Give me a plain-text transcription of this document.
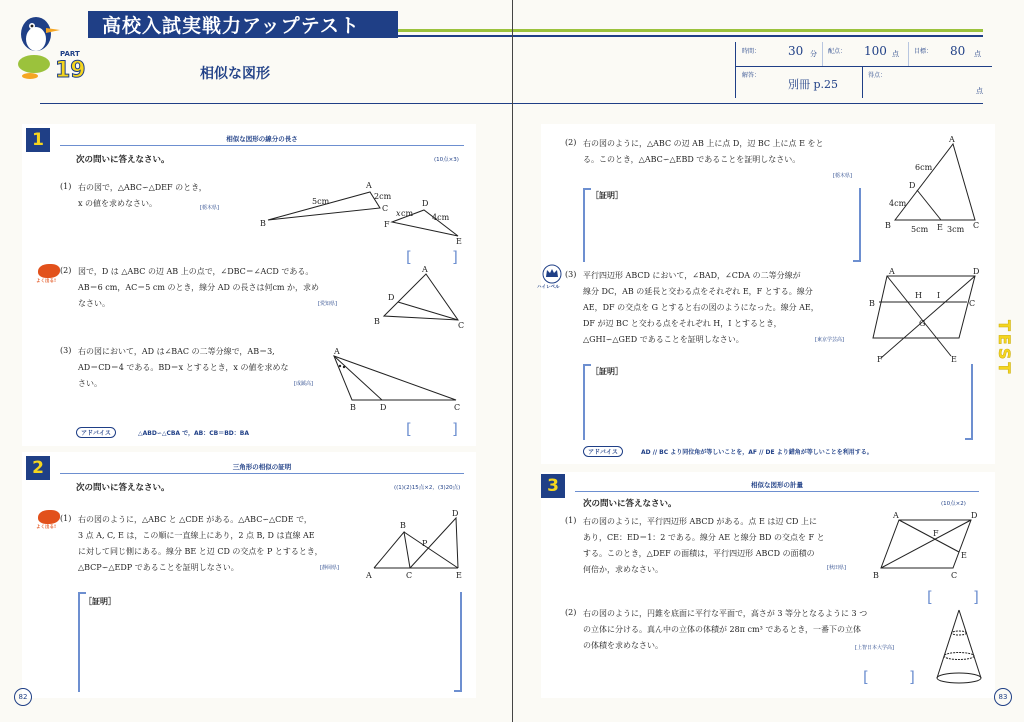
高校入試実戦力アップテスト
PART
19	相似な図形
1	相似な図形の線分の長さ
次の問いに答えなさい。	(10点×3)
(1) 右の図で，△ABC∽△DEF のとき，
x の値を求めなさい。	[栃木県]
B
A
C
5cm
2cm
F
D
E
x cm 4cm
[	]
よく出る!
(2) 図で，D は △ABC の辺 AB 上の点で，∠DBC＝∠ACD である。
AB＝6 cm，AC＝5 cm のとき，線分 AD の長さは何cm か，求め
なさい。	[愛知県]
A
D
B	C
(3) 右の図において，AD は∠BAC の二等分線で，AB＝3,
AD＝CD＝4 である。BD＝x とするとき，x の値を求めな
さい。	[成蹊高]
A
B	D	C
アドバイス	△ABD∽△CBA で，AB：CB＝BD：BA	[	]
2	三角形の相似の証明
次の問いに答えなさい。	((1)(2)15点×2，(3)20点)
よく出る!
(1) 右の図のように，△ABC と △CDE がある。△ABC∽△CDE で，
3 点 A, C, E は，この順に一直線上にあり，2 点 B, D は直線 AE
に対して同じ側にある。線分 BE と辺 CD の交点を P とするとき，
△BCP∽△EDP であることを証明しなさい。	[静岡県]
A
B
C
D
E
P
［証明］
82
時間： 30 分 配点： 100 点	目標： 80 点
解答：
別冊 p.25
得点：
点
(2) 右の図のように，△ABC の辺 AB 上に点 D，辺 BC 上に点 E をと
る。このとき，△ABC∽△EBD であることを証明しなさい。
[栃木県]
A
D
B	E	C
6cm
4cm
5cm 3cm
［証明］
ハイレベル
(3) 平行四辺形 ABCD において，∠BAD，∠CDA の二等分線が
線分 DC，AB の延長と交わる点をそれぞれ E，F とする。線分
AE，DF の交点を G とすると右の図のようになった。線分 AE，
DF が辺 BC と交わる点をそれぞれ H，I とするとき，
△GHI∽△GED であることを証明しなさい。	[東京学芸高]
A	D
B	C
H I
G
F	E
［証明］
アドバイス	AD // BC より同位角が等しいことを，AF // DE より錯角が等しいことを利用する。
3	相似な図形の計量
次の問いに答えなさい。	(10点×2)
(1) 右の図のように，平行四辺形 ABCD がある。点 E は辺 CD 上に
あり，CE：ED＝1：2 である。線分 AE と線分 BD の交点を F と
する。このとき，△DEF の面積は，平行四辺形 ABCD の面積の
何倍か，求めなさい。	[秋田県]
A	D
B	C
E
F
[	]
(2) 右の図のように，円錐を底面に平行な平面で，高さが 3 等分となるように 3 つ
の立体に分ける。真ん中の立体の体積が 28π cm³ であるとき，一番下の立体
の体積を求めなさい。	[上智日本大学高]
[	]
TEST
83
